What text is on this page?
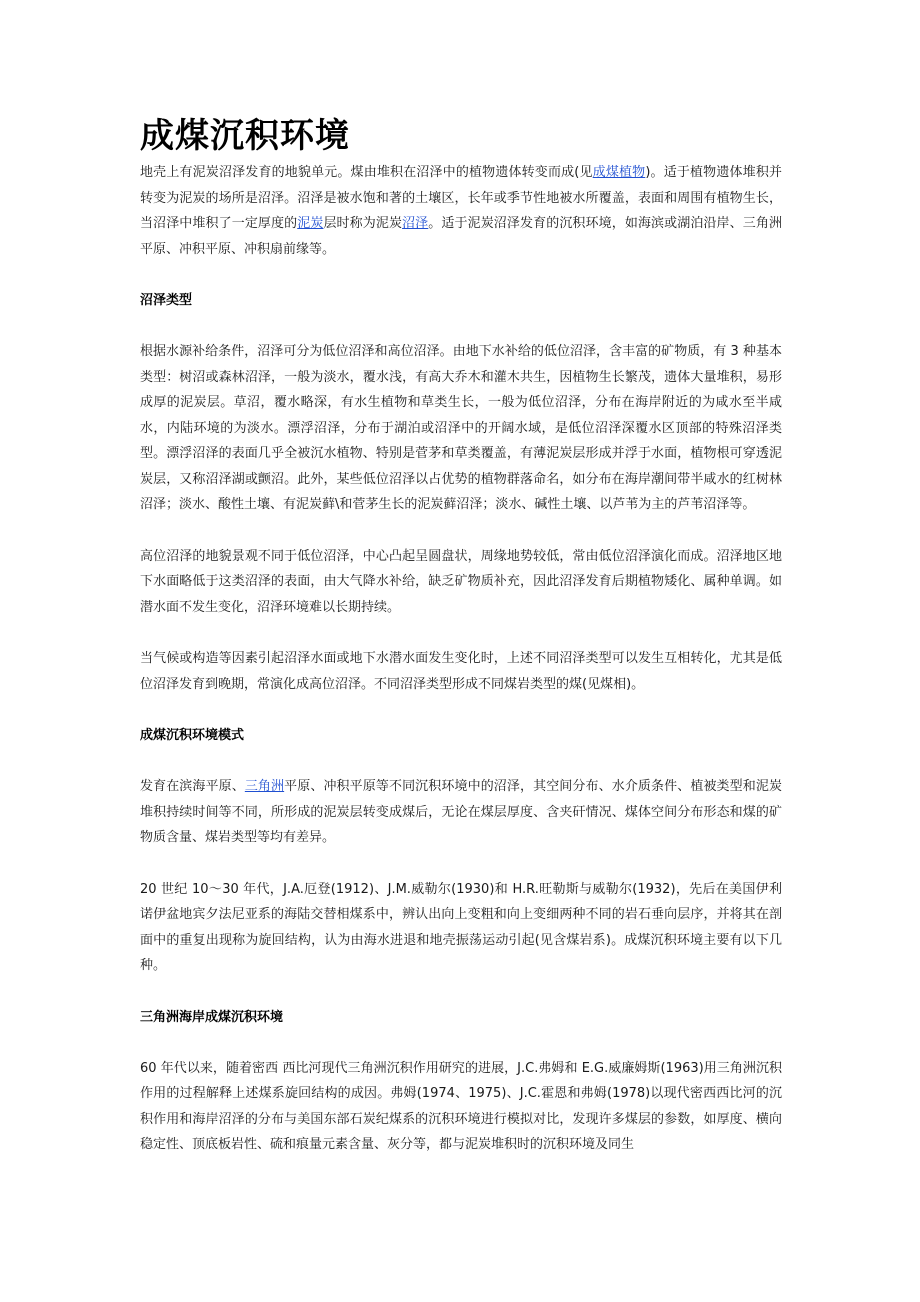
成煤沉积环境

地壳上有泥炭沼泽发育的地貌单元。煤由堆积在沼泽中的植物遗体转变而成(见成煤植物)。适于植物遗体堆积并转变为泥炭的场所是沼泽。沼泽是被水饱和著的土壤区，长年或季节性地被水所覆盖，表面和周围有植物生长，当沼泽中堆积了一定厚度的泥炭层时称为泥炭沼泽。适于泥炭沼泽发育的沉积环境，如海滨或湖泊沿岸、三角洲平原、冲积平原、冲积扇前缘等。

沼泽类型

根据水源补给条件，沼泽可分为低位沼泽和高位沼泽。由地下水补给的低位沼泽，含丰富的矿物质，有 3 种基本类型：树沼或森林沼泽，一般为淡水，覆水浅，有高大乔木和灌木共生，因植物生长繁茂，遗体大量堆积，易形成厚的泥炭层。草沼，覆水略深，有水生植物和草类生长，一般为低位沼泽，分布在海岸附近的为咸水至半咸水，内陆环境的为淡水。漂浮沼泽，分布于湖泊或沼泽中的开阔水域，是低位沼泽深覆水区顶部的特殊沼泽类型。漂浮沼泽的表面几乎全被沉水植物、特别是菅茅和草类覆盖，有薄泥炭层形成并浮于水面，植物根可穿透泥炭层，又称沼泽湖或颤沼。此外，某些低位沼泽以占优势的植物群落命名，如分布在海岸潮间带半咸水的红树林沼泽；淡水、酸性土壤、有泥炭藓\和菅茅生长的泥炭藓沼泽；淡水、碱性土壤、以芦苇为主的芦苇沼泽等。

高位沼泽的地貌景观不同于低位沼泽，中心凸起呈圆盘状，周缘地势较低，常由低位沼泽演化而成。沼泽地区地下水面略低于这类沼泽的表面，由大气降水补给，缺乏矿物质补充，因此沼泽发育后期植物矮化、属种单调。如潜水面不发生变化，沼泽环境难以长期持续。

当气候或构造等因素引起沼泽水面或地下水潜水面发生变化时，上述不同沼泽类型可以发生互相转化，尤其是低位沼泽发育到晚期，常演化成高位沼泽。不同沼泽类型形成不同煤岩类型的煤(见煤相)。

成煤沉积环境模式

发育在滨海平原、三角洲平原、冲积平原等不同沉积环境中的沼泽，其空间分布、水介质条件、植被类型和泥炭堆积持续时间等不同，所形成的泥炭层转变成煤后，无论在煤层厚度、含夹矸情况、煤体空间分布形态和煤的矿物质含量、煤岩类型等均有差异。

20 世纪 10～30 年代，J.A.厄登(1912)、J.M.威勒尔(1930)和 H.R.旺勒斯与威勒尔(1932)，先后在美国伊利诺伊盆地宾夕法尼亚系的海陆交替相煤系中，辨认出向上变粗和向上变细两种不同的岩石垂向层序，并将其在剖面中的重复出现称为旋回结构，认为由海水进退和地壳振荡运动引起(见含煤岩系)。成煤沉积环境主要有以下几种。

三角洲海岸成煤沉积环境

60 年代以来，随着密西 西比河现代三角洲沉积作用研究的进展，J.C.弗姆和 E.G.威廉姆斯(1963)用三角洲沉积作用的过程解释上述煤系旋回结构的成因。弗姆(1974、1975)、J.C.霍恩和弗姆(1978)以现代密西西比河的沉积作用和海岸沼泽的分布与美国东部石炭纪煤系的沉积环境进行模拟对比，发现许多煤层的参数，如厚度、横向稳定性、顶底板岩性、硫和痕量元素含量、灰分等，都与泥炭堆积时的沉积环境及同生
